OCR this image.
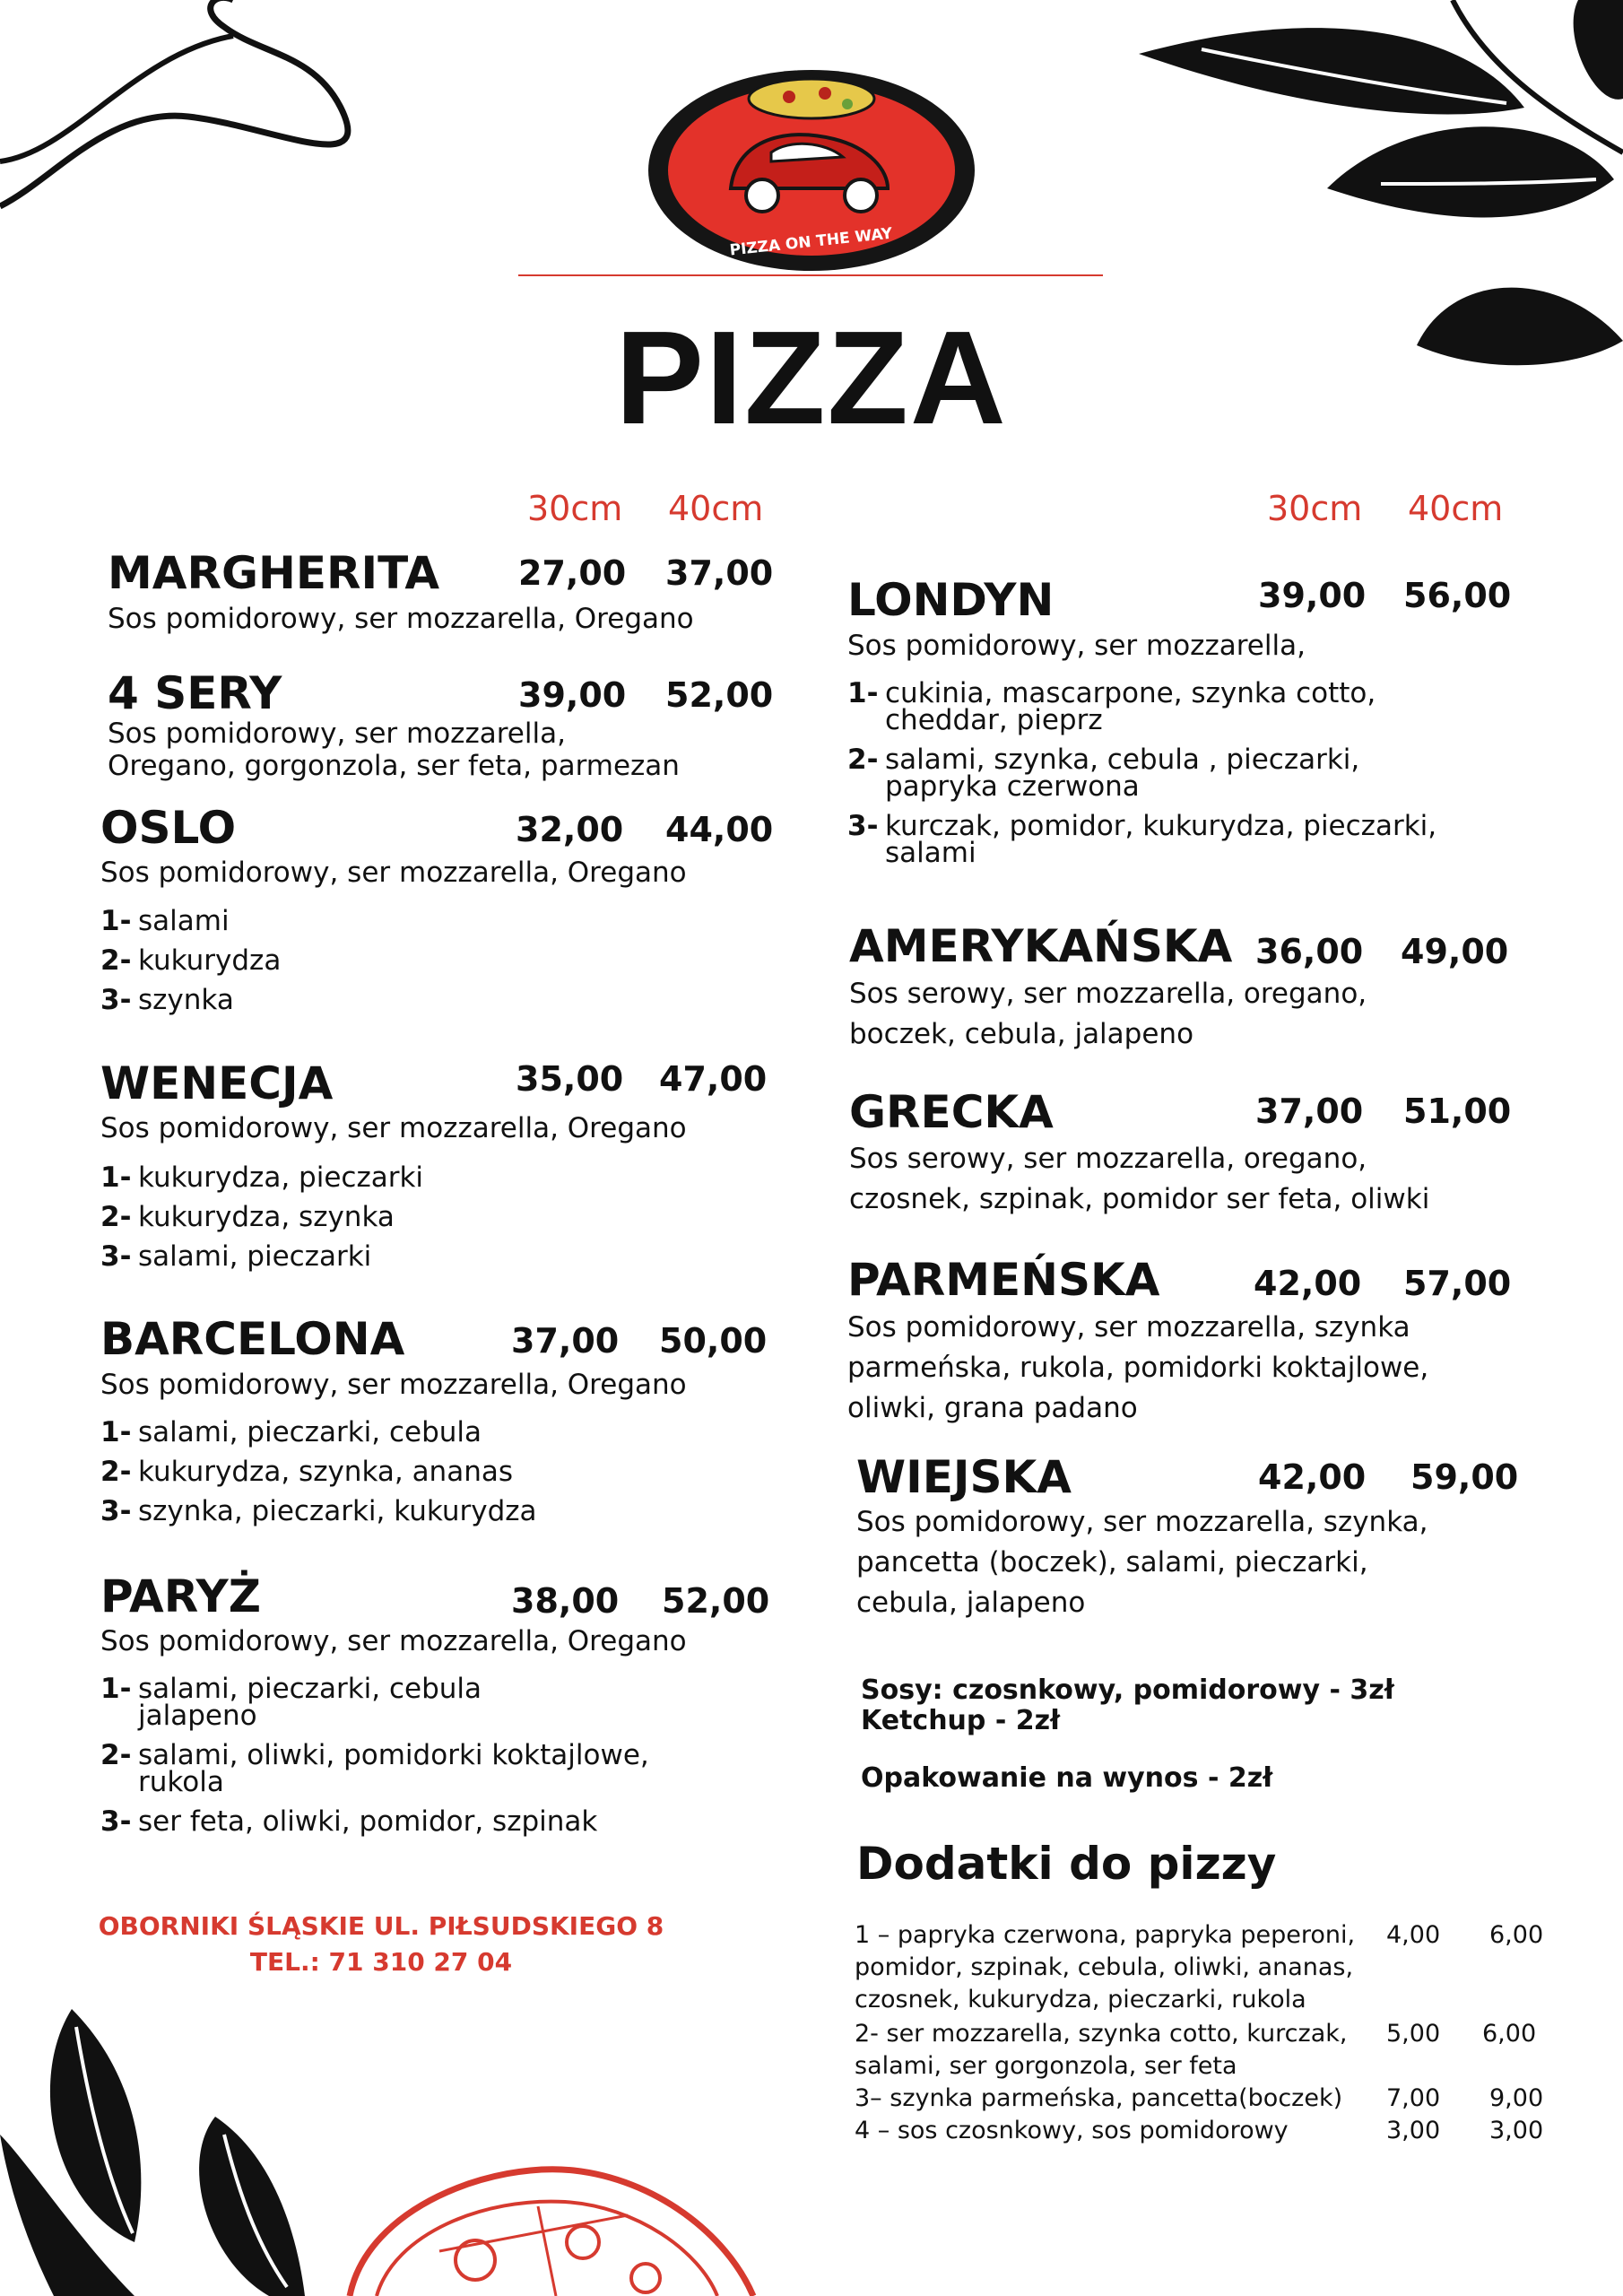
PIZZA ON THE WAY
PIZZA
30cm 40cm	30cm 40cm
MARGHERITA 27,00 37,00
Sos pomidorowy, ser mozzarella, Oregano
4 SERY	39,00 52,00
Sos pomidorowy, ser mozzarella,
Oregano, gorgonzola, ser feta, parmezan
OSLO	32,00 44,00
Sos pomidorowy, ser mozzarella, Oregano
1- salami
2- kukurydza
3- szynka
WENECJA	35,00 47,00
Sos pomidorowy, ser mozzarella, Oregano
1- kukurydza, pieczarki
2- kukurydza, szynka
3- salami, pieczarki
BARCELONA	37,00 50,00
Sos pomidorowy, ser mozzarella, Oregano
1- salami, pieczarki, cebula
2- kukurydza, szynka, ananas
3- szynka, pieczarki, kukurydza
PARYŻ	38,00 52,00
Sos pomidorowy, ser mozzarella, Oregano
1- salami, pieczarki, cebula
jalapeno
2- salami, oliwki, pomidorki koktajlowe,
rukola
3- ser feta, oliwki, pomidor, szpinak
OBORNIKI ŚLĄSKIE UL. PIŁSUDSKIEGO 8
TEL.: 71 310 27 04
LONDYN	39,00 56,00
Sos pomidorowy, ser mozzarella,
1- cukinia, mascarpone, szynka cotto,
cheddar, pieprz
2- salami, szynka, cebula , pieczarki,
papryka czerwona
3- kurczak, pomidor, kukurydza, pieczarki,
salami
AMERYKAŃSKA 36,00 49,00
Sos serowy, ser mozzarella, oregano,
boczek, cebula, jalapeno
GRECKA	37,00 51,00
Sos serowy, ser mozzarella, oregano,
czosnek, szpinak, pomidor ser feta, oliwki
PARMEŃSKA	42,00 57,00
Sos pomidorowy, ser mozzarella, szynka
parmeńska, rukola, pomidorki koktajlowe,
oliwki, grana padano
WIEJSKA	42,00 59,00
Sos pomidorowy, ser mozzarella, szynka,
pancetta (boczek), salami, pieczarki,
cebula, jalapeno
Sosy: czosnkowy, pomidorowy - 3zł
Ketchup - 2zł
Opakowanie na wynos - 2zł
Dodatki do pizzy
1 – papryka czerwona, papryka peperoni,
pomidor, szpinak, cebula, oliwki, ananas,
czosnek, kukurydza, pieczarki, rukola
4,00 6,00
2- ser mozzarella, szynka cotto, kurczak,
salami, ser gorgonzola, ser feta
5,00 6,00
3– szynka parmeńska, pancetta(boczek)	7,00 9,00
4 – sos czosnkowy, sos pomidorowy	3,00 3,00
